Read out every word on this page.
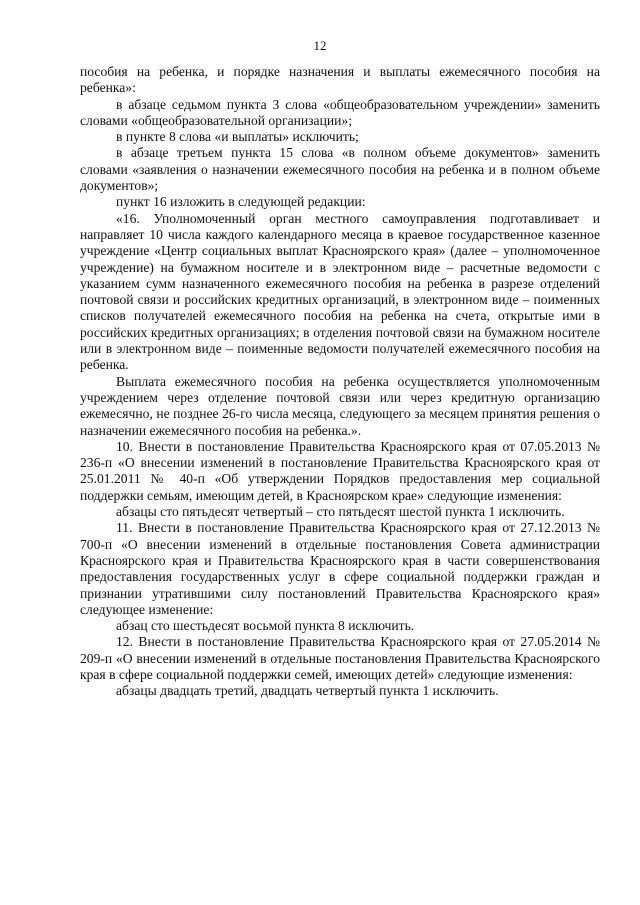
12

пособия на ребенка, и порядке назначения и выплаты ежемесячного пособия на ребенка»:

в абзаце седьмом пункта 3 слова «общеобразовательном учреждении» заменить словами «общеобразовательной организации»;

в пункте 8 слова «и выплаты» исключить;

в абзаце третьем пункта 15 слова «в полном объеме документов» заменить словами «заявления о назначении ежемесячного пособия на ребенка и в полном объеме документов»;

пункт 16 изложить в следующей редакции:

«16. Уполномоченный орган местного самоуправления подготавливает и направляет 10 числа каждого календарного месяца в краевое государственное казенное учреждение «Центр социальных выплат Красноярского края» (далее – уполномоченное учреждение) на бумажном носителе и в электронном виде – расчетные ведомости с указанием сумм назначенного ежемесячного пособия на ребенка в разрезе отделений почтовой связи и российских кредитных организаций, в электронном виде – поименных списков получателей ежемесячного пособия на ребенка на счета, открытые ими в российских кредитных организациях; в отделения почтовой связи на бумажном носителе или в электронном виде – поименные ведомости получателей ежемесячного пособия на ребенка.

Выплата ежемесячного пособия на ребенка осуществляется уполномоченным учреждением через отделение почтовой связи или через кредитную организацию ежемесячно, не позднее 26-го числа месяца, следующего за месяцем принятия решения о назначении ежемесячного пособия на ребенка.».

10. Внести в постановление Правительства Красноярского края от 07.05.2013 № 236-п «О внесении изменений в постановление Правительства Красноярского края от 25.01.2011 № 40-п «Об утверждении Порядков предоставления мер социальной поддержки семьям, имеющим детей, в Красноярском крае» следующие изменения:

абзацы сто пятьдесят четвертый – сто пятьдесят шестой пункта 1 исключить.

11. Внести в постановление Правительства Красноярского края от 27.12.2013 № 700-п «О внесении изменений в отдельные постановления Совета администрации Красноярского края и Правительства Красноярского края в части совершенствования предоставления государственных услуг в сфере социальной поддержки граждан и признании утратившими силу постановлений Правительства Красноярского края» следующее изменение:

абзац сто шестьдесят восьмой пункта 8 исключить.

12. Внести в постановление Правительства Красноярского края от 27.05.2014 № 209-п «О внесении изменений в отдельные постановления Правительства Красноярского края в сфере социальной поддержки семей, имеющих детей» следующие изменения:

абзацы двадцать третий, двадцать четвертый пункта 1 исключить.
